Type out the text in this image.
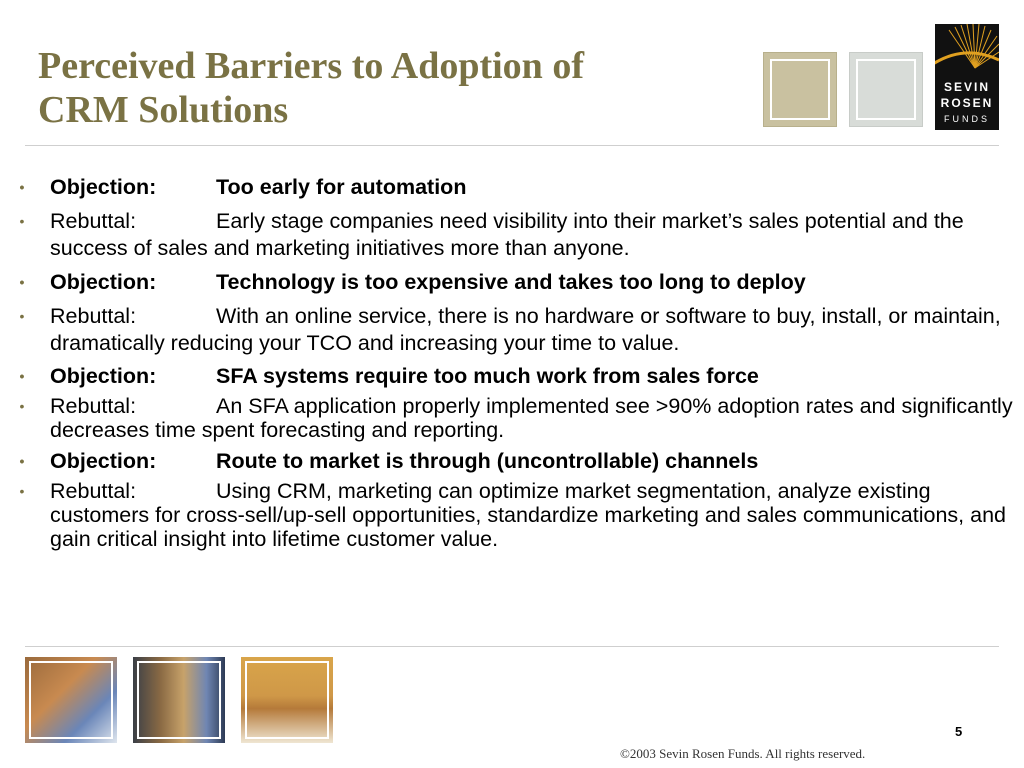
Perceived Barriers to Adoption of
CRM Solutions
SEVIN
ROSEN
FUNDS

•	Objection:	Too early for automation

•	Rebuttal:	Early stage companies need visibility into their market’s sales potential and the success of sales and marketing initiatives more than anyone.

•	Objection:	Technology is too expensive and takes too long to deploy

•	Rebuttal:	With an online service, there is no hardware or software to buy, install, or maintain, dramatically reducing your TCO and increasing your time to value.

•	Objection:	SFA systems require too much work from sales force

•	Rebuttal:	An SFA application properly implemented see >90% adoption rates and significantly decreases time spent forecasting and reporting.

•	Objection:	Route to market is through (uncontrollable) channels

•	Rebuttal:	Using CRM, marketing can optimize market segmentation, analyze existing customers for cross-sell/up-sell opportunities, standardize marketing and sales communications, and gain critical insight into lifetime customer value.

5
©2003 Sevin Rosen Funds. All rights reserved.
